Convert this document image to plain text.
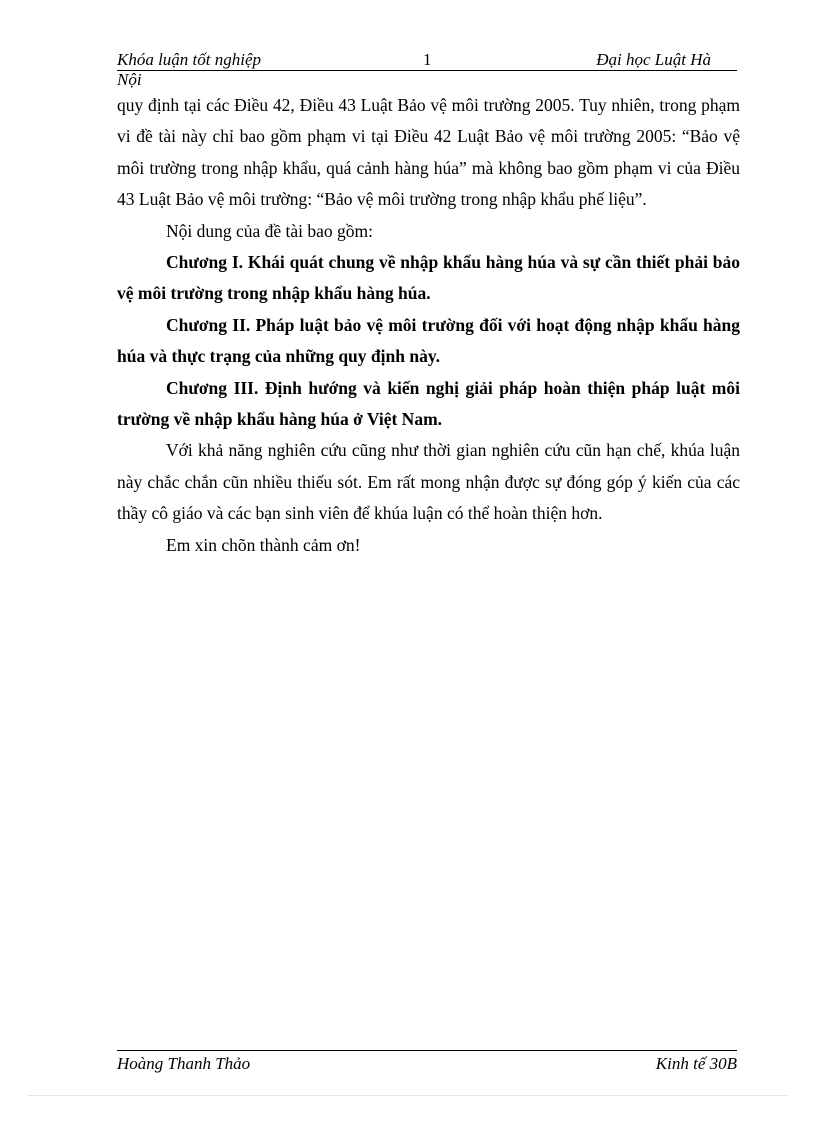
Khóa luận tốt nghiệp	1	Đại học Luật Hà
Nội

quy định tại các Điều 42, Điều 43 Luật Bảo vệ môi trường 2005. Tuy nhiên, trong phạm vi đề tài này chỉ bao gồm phạm vi tại Điều 42 Luật Bảo vệ môi trường 2005: “Bảo vệ môi trường trong nhập khẩu, quá cảnh hàng húa” mà không bao gồm phạm vi của Điều 43 Luật Bảo vệ môi trường: “Bảo vệ môi trường trong nhập khẩu phế liệu”.

Nội dung của đề tài bao gồm:

Chương I. Khái quát chung về nhập khẩu hàng húa và sự cần thiết phải bảo vệ môi trường trong nhập khẩu hàng húa.

Chương II. Pháp luật bảo vệ môi trường đối với hoạt động nhập khẩu hàng húa và thực trạng của những quy định này.

Chương III. Định hướng và kiến nghị giải pháp hoàn thiện pháp luật môi trường về nhập khẩu hàng húa ở Việt Nam.

Với khả năng nghiên cứu cũng như thời gian nghiên cứu cũn hạn chế, khúa luận này chắc chắn cũn nhiều thiếu sót. Em rất mong nhận được sự đóng góp ý kiến của các thầy cô giáo và các bạn sinh viên để khúa luận có thể hoàn thiện hơn.

Em xin chõn thành cảm ơn!

Hoàng Thanh Thảo	Kinh tế 30B
